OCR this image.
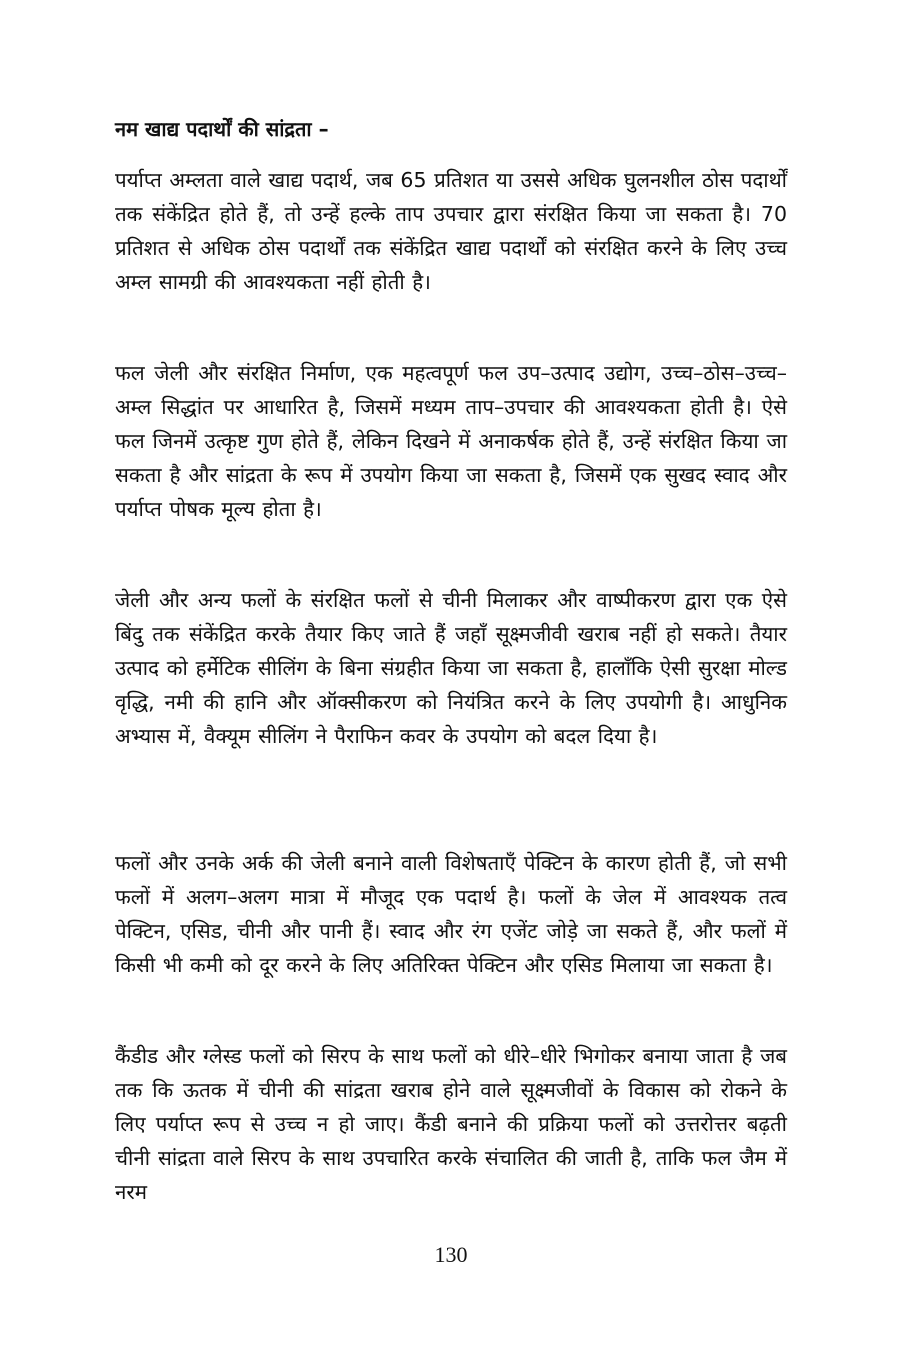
नम खाद्य पदार्थों की सांद्रता –

पर्याप्त अम्लता वाले खाद्य पदार्थ, जब 65 प्रतिशत या उससे अधिक घुलनशील ठोस पदार्थों तक संकेंद्रित होते हैं, तो उन्हें हल्के ताप उपचार द्वारा संरक्षित किया जा सकता है। 70 प्रतिशत से अधिक ठोस पदार्थों तक संकेंद्रित खाद्य पदार्थों को संरक्षित करने के लिए उच्च अम्ल सामग्री की आवश्यकता नहीं होती है।

फल जेली और संरक्षित निर्माण, एक महत्वपूर्ण फल उप–उत्पाद उद्योग, उच्च–ठोस–उच्च–अम्ल सिद्धांत पर आधारित है, जिसमें मध्यम ताप–उपचार की आवश्यकता होती है। ऐसे फल जिनमें उत्कृष्ट गुण होते हैं, लेकिन दिखने में अनाकर्षक होते हैं, उन्हें संरक्षित किया जा सकता है और सांद्रता के रूप में उपयोग किया जा सकता है, जिसमें एक सुखद स्वाद और पर्याप्त पोषक मूल्य होता है।

जेली और अन्य फलों के संरक्षित फलों से चीनी मिलाकर और वाष्पीकरण द्वारा एक ऐसे बिंदु तक संकेंद्रित करके तैयार किए जाते हैं जहाँ सूक्ष्मजीवी खराब नहीं हो सकते। तैयार उत्पाद को हर्मेटिक सीलिंग के बिना संग्रहीत किया जा सकता है, हालाँकि ऐसी सुरक्षा मोल्ड वृद्धि, नमी की हानि और ऑक्सीकरण को नियंत्रित करने के लिए उपयोगी है। आधुनिक अभ्यास में, वैक्यूम सीलिंग ने पैराफिन कवर के उपयोग को बदल दिया है।

फलों और उनके अर्क की जेली बनाने वाली विशेषताएँ पेक्टिन के कारण होती हैं, जो सभी फलों में अलग–अलग मात्रा में मौजूद एक पदार्थ है। फलों के जेल में आवश्यक तत्व पेक्टिन, एसिड, चीनी और पानी हैं। स्वाद और रंग एजेंट जोड़े जा सकते हैं, और फलों में किसी भी कमी को दूर करने के लिए अतिरिक्त पेक्टिन और एसिड मिलाया जा सकता है।

कैंडीड और ग्लेस्ड फलों को सिरप के साथ फलों को धीरे–धीरे भिगोकर बनाया जाता है जब तक कि ऊतक में चीनी की सांद्रता खराब होने वाले सूक्ष्मजीवों के विकास को रोकने के लिए पर्याप्त रूप से उच्च न हो जाए। कैंडी बनाने की प्रक्रिया फलों को उत्तरोत्तर बढ़ती चीनी सांद्रता वाले सिरप के साथ उपचारित करके संचालित की जाती है, ताकि फल जैम में नरम

130
